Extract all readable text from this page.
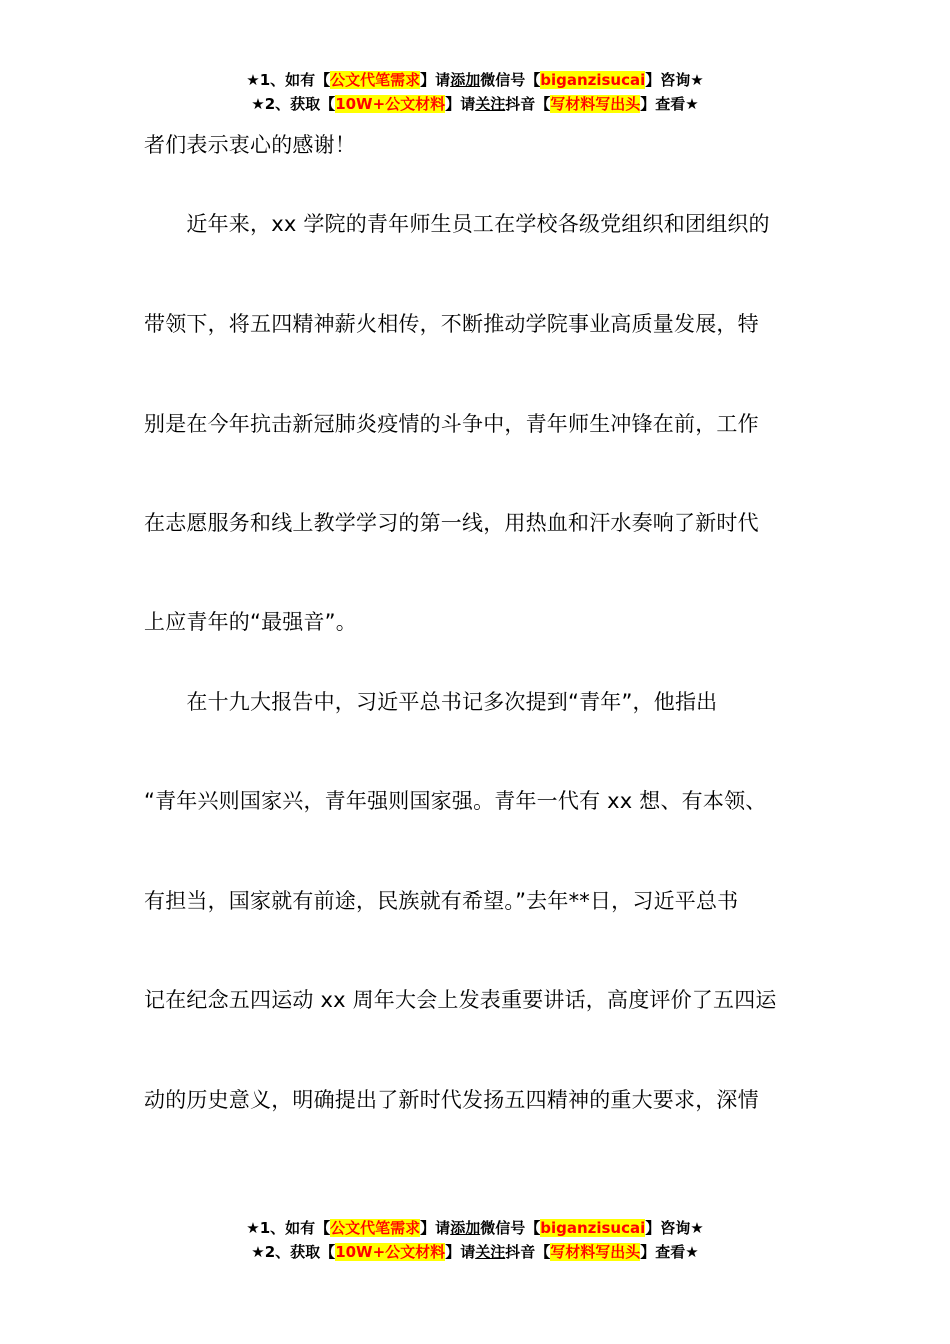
★1、如有【公文代笔需求】请添加微信号【biganzisucai】咨询★
★2、获取【10W+公文材料】请关注抖音【写材料写出头】查看★
者们表示衷心的感谢！
　　近年来，xx 学院的青年师生员工在学校各级党组织和团组织的
带领下，将五四精神薪火相传，不断推动学院事业高质量发展，特
别是在今年抗击新冠肺炎疫情的斗争中，青年师生冲锋在前，工作
在志愿服务和线上教学学习的第一线，用热血和汗水奏响了新时代
上应青年的“最强音”。
　　在十九大报告中，习近平总书记多次提到“青年”，他指出
“青年兴则国家兴，青年强则国家强。青年一代有 xx 想、有本领、
有担当，国家就有前途，民族就有希望。”去年**日，习近平总书
记在纪念五四运动 xx 周年大会上发表重要讲话，高度评价了五四运
动的历史意义，明确提出了新时代发扬五四精神的重大要求，深情
★1、如有【公文代笔需求】请添加微信号【biganzisucai】咨询★
★2、获取【10W+公文材料】请关注抖音【写材料写出头】查看★
